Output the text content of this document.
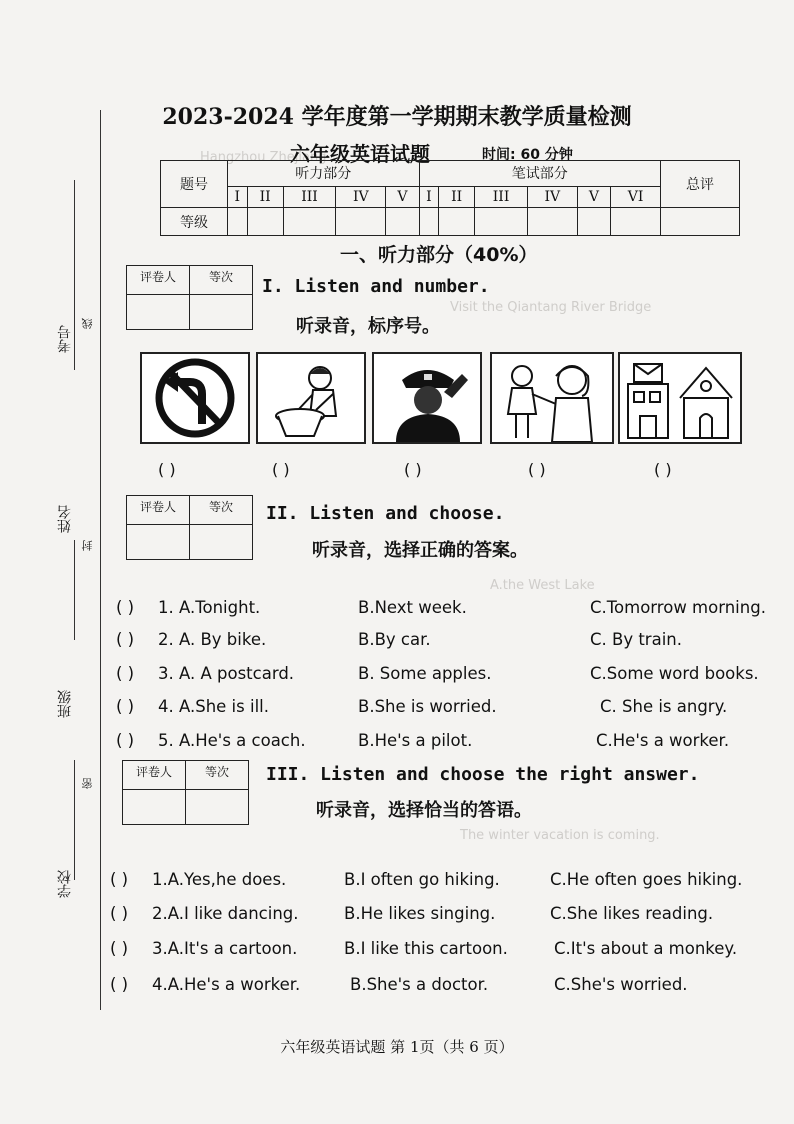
Hangzhou Zhejiang
Visit the Qiantang River Bridge
A.the West Lake
The winter vacation is coming.
考号
线
姓名
封
班级
密
学校
2023-2024 学年度第一学期期末教学质量检测
六年级英语试题	时间: 60 分钟
题号	听力部分					笔试部分						总评
	I	II	III	IV	V	I	II	III	IV	V	VI	
等级												
一、听力部分（40%）
评卷人	等次
	I. Listen and number.
听录音，标序号。
( )	( )	( )	( )	( )
评卷人	等次
	II. Listen and choose.
听录音，选择正确的答案。
( ) 1. A.Tonight.	B.Next week.	C.Tomorrow morning.
( ) 2. A. By bike.	B.By car.	C. By train.
( ) 3. A. A postcard.	B. Some apples.	C.Some word books.
( ) 4. A.She is ill.	B.She is worried.	C. She is angry.
( ) 5. A.He's a coach.	B.He's a pilot.	C.He's a worker.
评卷人	等次
	III. Listen and choose the right answer.
听录音，选择恰当的答语。
( ) 1.A.Yes,he does.	B.I often go hiking.	C.He often goes hiking.
( ) 2.A.I like dancing.	B.He likes singing.	C.She likes reading.
( ) 3.A.It's a cartoon.	B.I like this cartoon.	C.It's about a monkey.
( ) 4.A.He's a worker.	B.She's a doctor.	C.She's worried.
六年级英语试题 第 1页（共 6 页）
